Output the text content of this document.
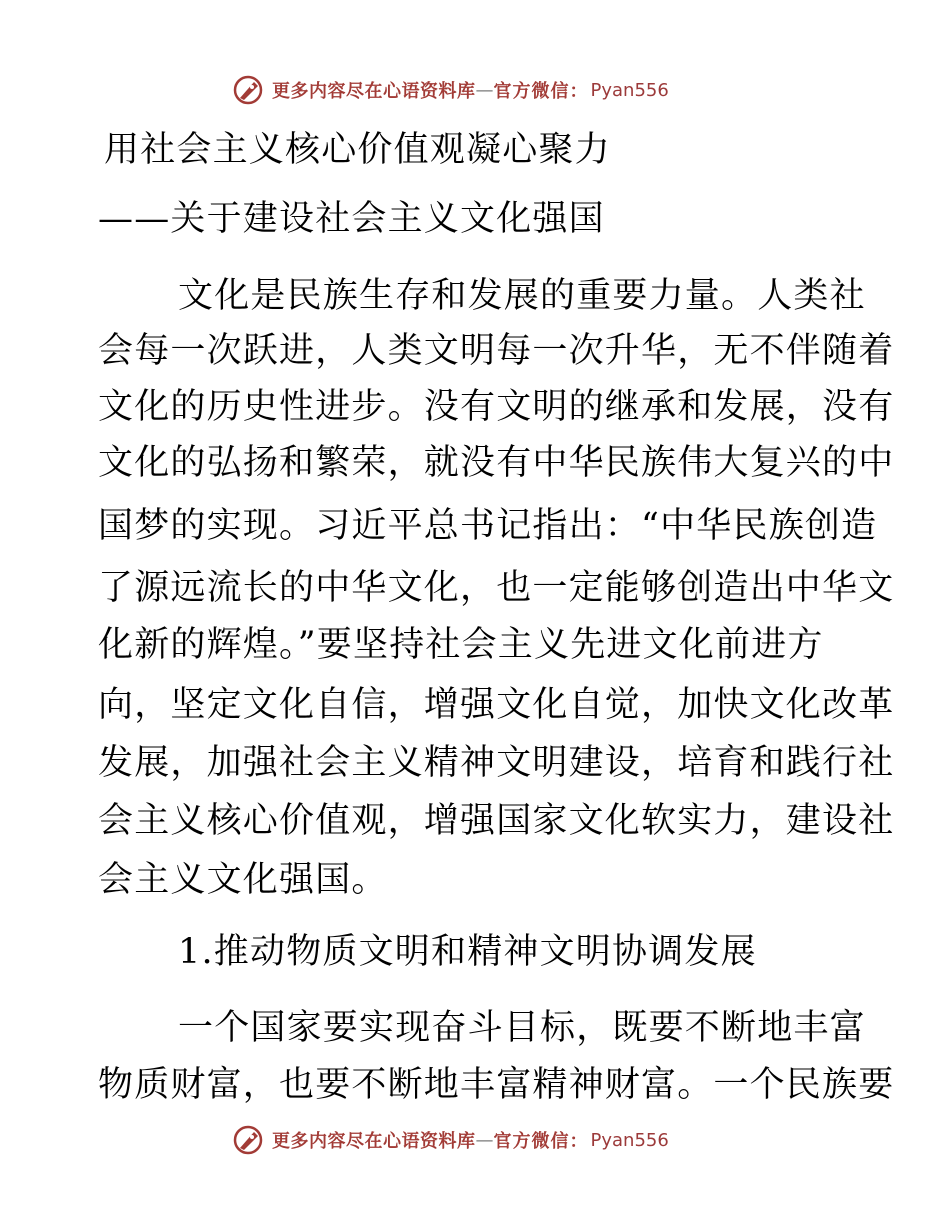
更多内容尽在心语资料库 — 官方微信： Pyan556
用社会主义核心价值观凝心聚力
——关于建设社会主义文化强国
文化是民族生存和发展的重要力量。人类社
会每一次跃进，人类文明每一次升华，无不伴随着
文化的历史性进步。没有文明的继承和发展，没有
文化的弘扬和繁荣，就没有中华民族伟大复兴的中
国梦的实现。习近平总书记指出：“中华民族创造
了源远流长的中华文化，也一定能够创造出中华文
化新的辉煌。”要坚持社会主义先进文化前进方
向，坚定文化自信，增强文化自觉，加快文化改革
发展，加强社会主义精神文明建设，培育和践行社
会主义核心价值观，增强国家文化软实力，建设社
会主义文化强国。
1.推动物质文明和精神文明协调发展
一个国家要实现奋斗目标，既要不断地丰富
物质财富，也要不断地丰富精神财富。一个民族要
更多内容尽在心语资料库 — 官方微信： Pyan556
